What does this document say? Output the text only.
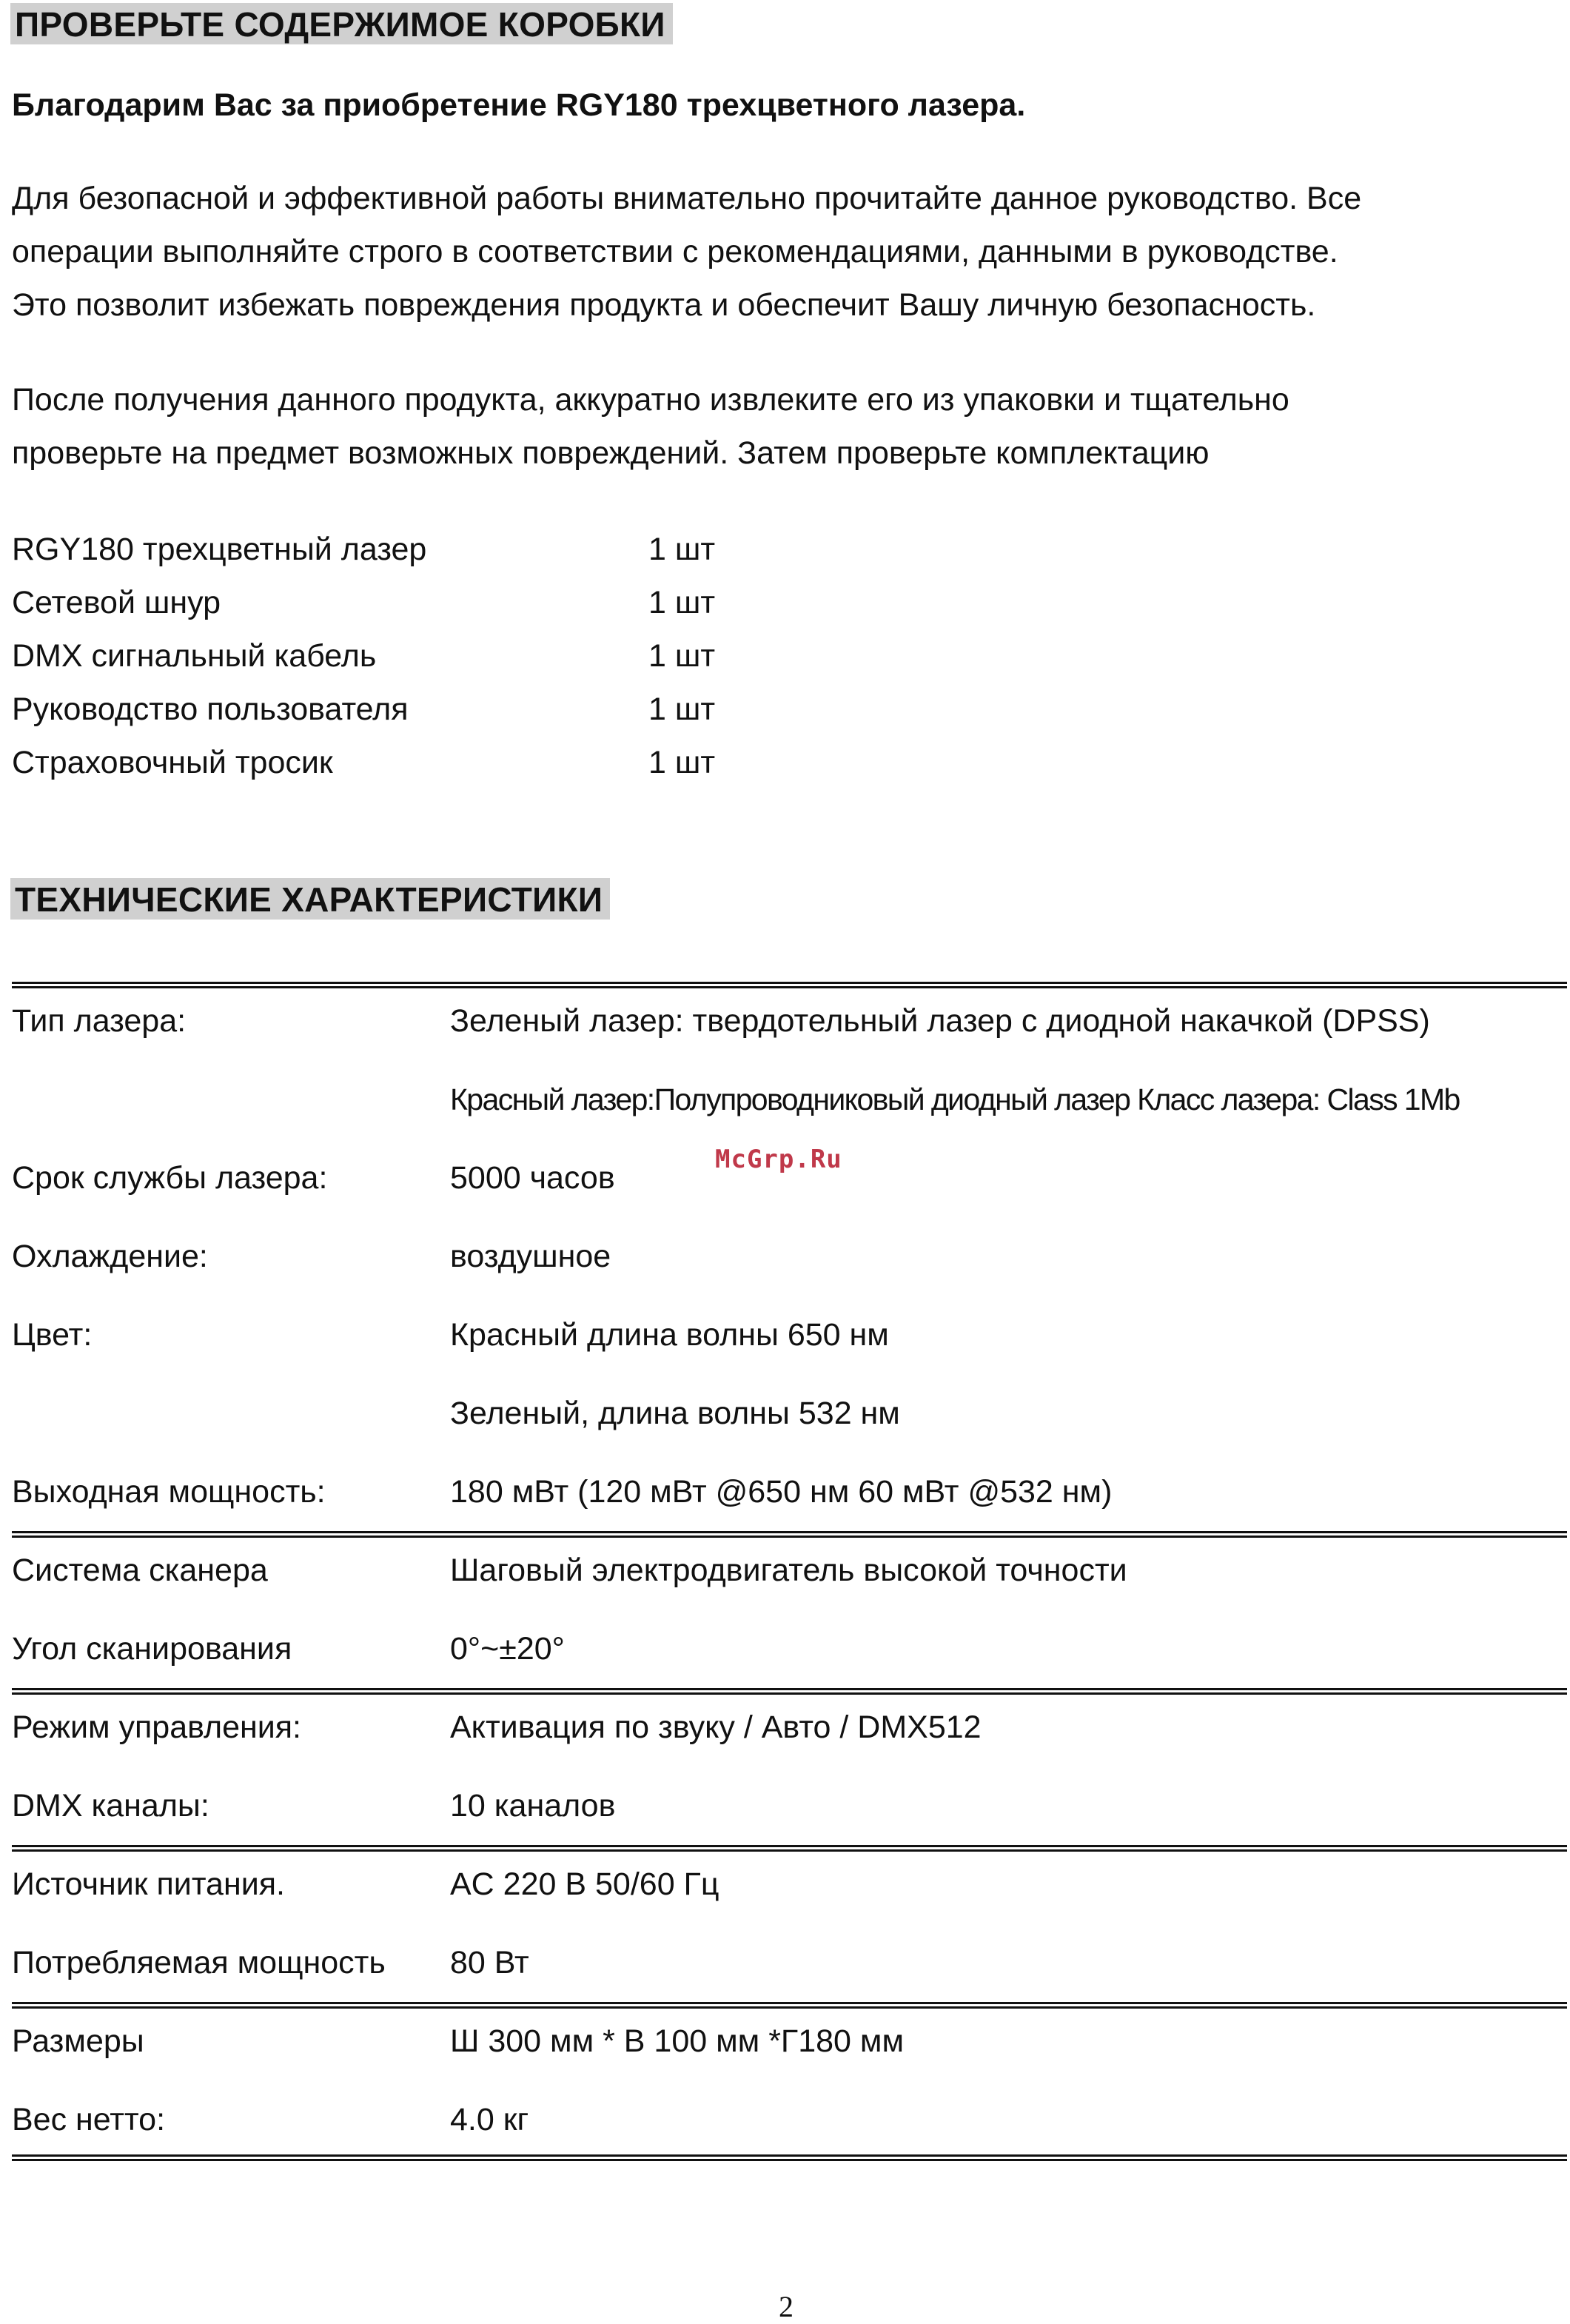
ПРОВЕРЬТЕ СОДЕРЖИМОЕ КОРОБКИ
Благодарим Вас за приобретение RGY180 трехцветного лазера.
Для безопасной и эффективной работы внимательно прочитайте данное руководство. Все
операции выполняйте строго в соответствии с рекомендациями, данными в руководстве.
Это позволит избежать повреждения продукта и обеспечит Вашу личную безопасность.
После получения данного продукта, аккуратно извлеките его из упаковки и тщательно
проверьте на предмет возможных повреждений. Затем проверьте комплектацию
RGY180 трехцветный лазер	1 шт
Сетевой шнур	1 шт
DMX сигнальный кабель	1 шт
Руководство пользователя	1 шт
Страховочный тросик	1 шт
ТЕХНИЧЕСКИЕ ХАРАКТЕРИСТИКИ
Тип лазера:	Зеленый лазер: твердотельный лазер с диодной накачкой (DPSS)
Красный лазер:Полупроводниковый диодный лазер Класс лазера: Class 1Mb
Срок службы лазера:	5000 часов
Охлаждение:	воздушное
Цвет:	Красный длина волны 650 нм
Зеленый, длина волны 532 нм
Выходная мощность:	180 мВт (120 мВт @650 нм 60 мВт @532 нм)
Система сканера	Шаговый электродвигатель высокой точности
Угол сканирования	0°~±20°
Режим управления:	Активация по звуку / Авто / DMX512
DMX каналы:	10 каналов
Источник питания.	AC 220 В 50/60 Гц
Потребляемая мощность 80 Вт
Размеры	Ш 300 мм * В 100 мм *Г180 мм
Вес нетто:	4.0 кг
McGrp.Ru
2
